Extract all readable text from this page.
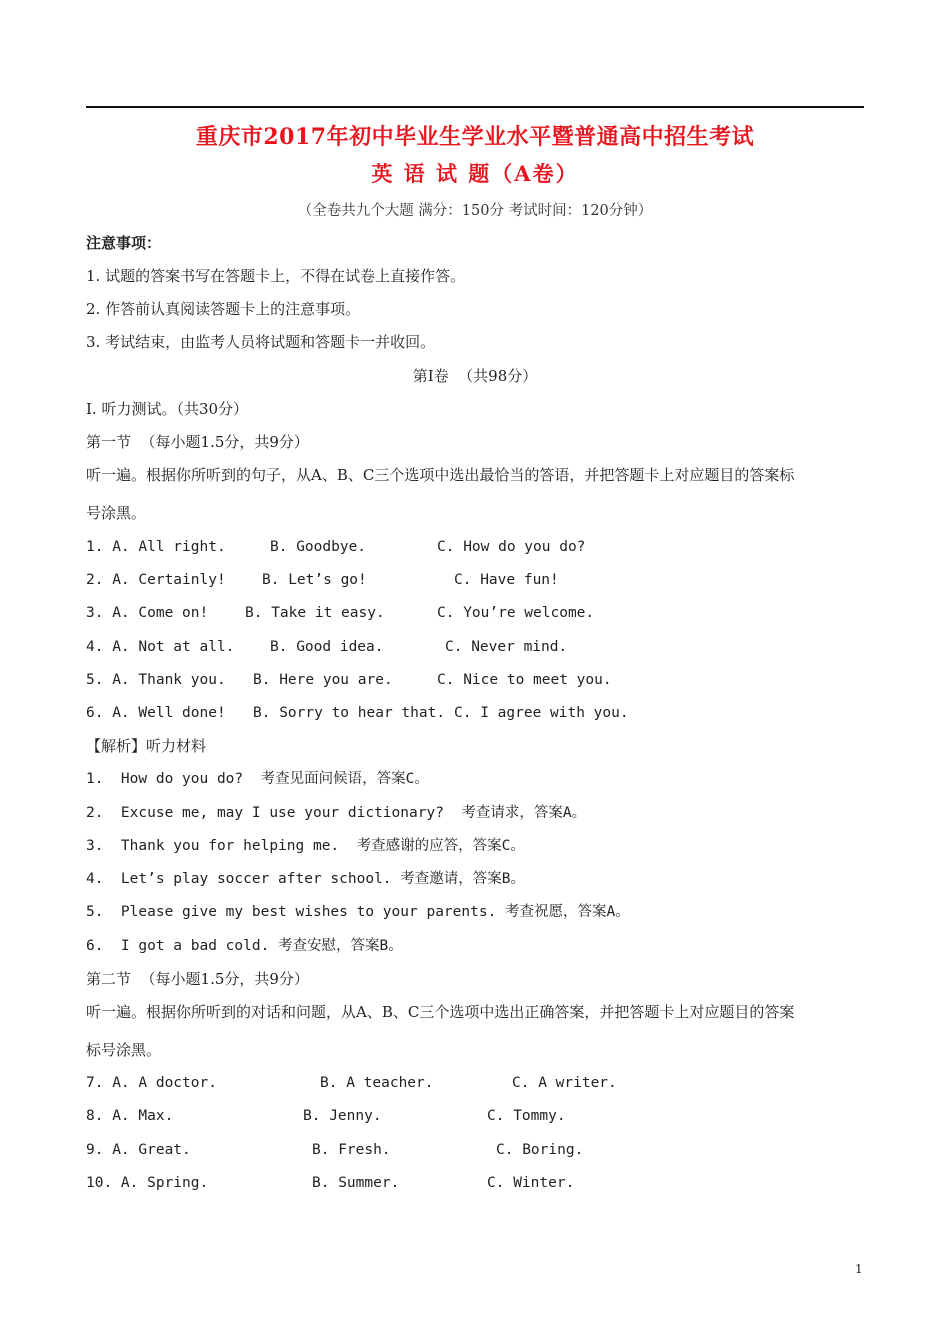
重庆市2017年初中毕业生学业水平暨普通高中招生考试
英 语 试 题（A卷）
（全卷共九个大题 满分：150分 考试时间：120分钟）
注意事项：
1. 试题的答案书写在答题卡上，不得在试卷上直接作答。
2. 作答前认真阅读答题卡上的注意事项。
3. 考试结束，由监考人员将试题和答题卡一并收回。
第Ⅰ卷  （共98分）
Ⅰ. 听力测试。（共30分）
第一节  （每小题1.5分，共9分）
听一遍。根据你所听到的句子，从A、B、C三个选项中选出最恰当的答语，并把答题卡上对应题目的答案标
号涂黑。
1. A. All right.	B. Goodbye.	C. How do you do?
2. A. Certainly!	B. Let’s go!	C. Have fun!
3. A. Come on!	B. Take it easy.	C. You’re welcome.
4. A. Not at all. B. Good idea.	C. Never mind.
5. A. Thank you. B. Here you are.	C. Nice to meet you.
6. A. Well done! B. Sorry to hear that. C. I agree with you.
【解析】听力材料
1.  How do you do?  考查见面问候语，答案C。
2.  Excuse me, may I use your dictionary?  考查请求，答案A。
3.  Thank you for helping me.  考查感谢的应答，答案C。
4.  Let’s play soccer after school. 考查邀请，答案B。
5.  Please give my best wishes to your parents. 考查祝愿，答案A。
6.  I got a bad cold. 考查安慰，答案B。
第二节  （每小题1.5分，共9分）
听一遍。根据你所听到的对话和问题，从A、B、C三个选项中选出正确答案，并把答题卡上对应题目的答案
标号涂黑。
7. A. A doctor.	B. A teacher.	C. A writer.
8. A. Max.	B. Jenny.	C. Tommy.
9. A. Great.	B. Fresh.	C. Boring.
10. A. Spring.	B. Summer.	C. Winter.
1
